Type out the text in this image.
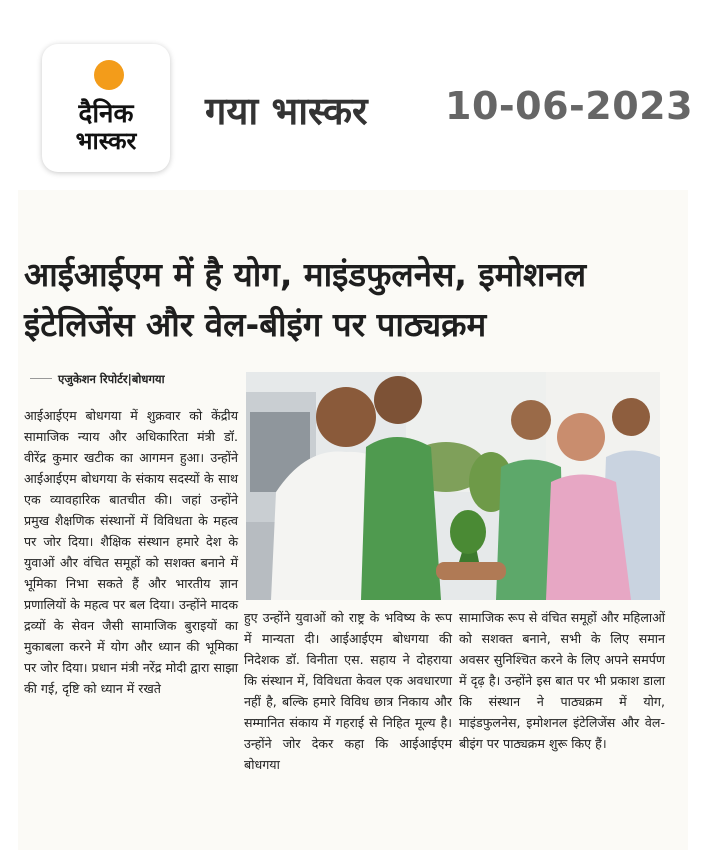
दैनिक
भास्कर
गया भास्कर 10-06-2023
आईआईएम में है योग, माइंडफुलनेस, इमोशनल
इंटेलिजेंस और वेल-बीइंग पर पाठ्यक्रम
एजुकेशन रिपोर्टर|बोधगया
आईआईएम बोधगया में शुक्रवार को केंद्रीय सामाजिक न्याय और अधिकारिता मंत्री डॉ. वीरेंद्र कुमार खटीक का आगमन हुआ। उन्होंने आईआईएम बोधगया के संकाय सदस्यों के साथ एक व्यावहारिक बातचीत की। जहां उन्होंने प्रमुख शैक्षणिक संस्थानों में विविधता के महत्व पर जोर दिया। शैक्षिक संस्थान हमारे देश के युवाओं और वंचित समूहों को सशक्त बनाने में भूमिका निभा सकते हैं और भारतीय ज्ञान प्रणालियों के महत्व पर बल दिया। उन्होंने मादक द्रव्यों के सेवन जैसी सामाजिक बुराइयों का मुकाबला करने में योग और ध्यान की भूमिका पर जोर दिया। प्रधान मंत्री नरेंद्र मोदी द्वारा साझा की गई, दृष्टि को ध्यान में रखते
हुए उन्होंने युवाओं को राष्ट्र के भविष्य के रूप में मान्यता दी। आईआईएम बोधगया की निदेशक डॉ. विनीता एस. सहाय ने दोहराया कि संस्थान में, विविधता केवल एक अवधारणा नहीं है, बल्कि हमारे विविध छात्र निकाय और सम्मानित संकाय में गहराई से निहित मूल्य है। उन्होंने जोर देकर कहा कि आईआईएम बोधगया
सामाजिक रूप से वंचित समूहों और महिलाओं को सशक्त बनाने, सभी के लिए समान अवसर सुनिश्चित करने के लिए अपने समर्पण में दृढ़ है। उन्होंने इस बात पर भी प्रकाश डाला कि संस्थान ने पाठ्यक्रम में योग, माइंडफुलनेस, इमोशनल इंटेलिजेंस और वेल-बीइंग पर पाठ्यक्रम शुरू किए हैं।
